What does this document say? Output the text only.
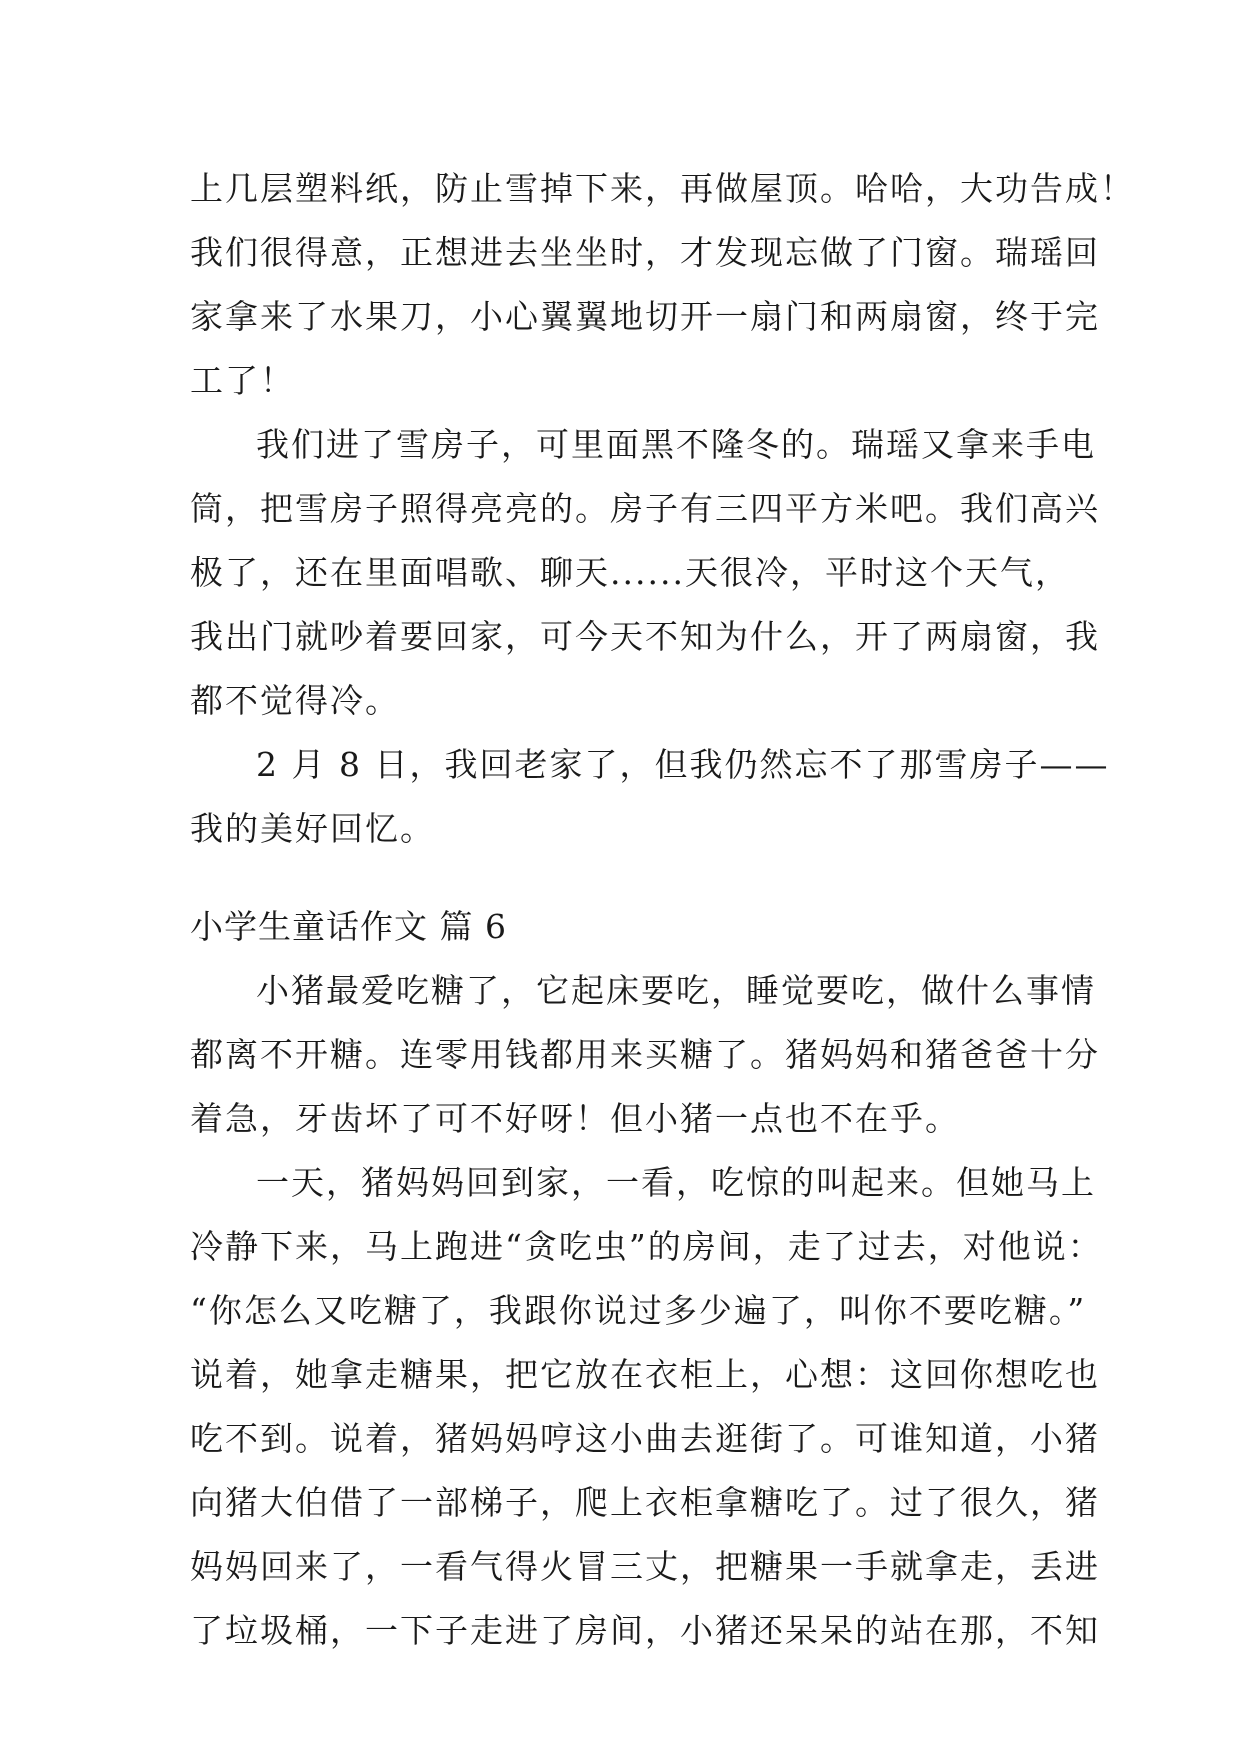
上几层塑料纸，防止雪掉下来，再做屋顶。哈哈，大功告成！
我们很得意，正想进去坐坐时，才发现忘做了门窗。瑞瑶回
家拿来了水果刀，小心翼翼地切开一扇门和两扇窗，终于完
工了！
我们进了雪房子，可里面黑不隆冬的。瑞瑶又拿来手电
筒，把雪房子照得亮亮的。房子有三四平方米吧。我们高兴
极了，还在里面唱歌、聊天......天很冷，平时这个天气，
我出门就吵着要回家，可今天不知为什么，开了两扇窗，我
都不觉得冷。
2 月 8 日，我回老家了，但我仍然忘不了那雪房子——
我的美好回忆。
小学生童话作文 篇 6
小猪最爱吃糖了，它起床要吃，睡觉要吃，做什么事情
都离不开糖。连零用钱都用来买糖了。猪妈妈和猪爸爸十分
着急，牙齿坏了可不好呀！但小猪一点也不在乎。
一天，猪妈妈回到家，一看，吃惊的叫起来。但她马上
冷静下来，马上跑进“贪吃虫”的房间，走了过去，对他说：
“你怎么又吃糖了，我跟你说过多少遍了，叫你不要吃糖。”
说着，她拿走糖果，把它放在衣柜上，心想：这回你想吃也
吃不到。说着，猪妈妈哼这小曲去逛街了。可谁知道，小猪
向猪大伯借了一部梯子，爬上衣柜拿糖吃了。过了很久，猪
妈妈回来了，一看气得火冒三丈，把糖果一手就拿走，丢进
了垃圾桶，一下子走进了房间，小猪还呆呆的站在那，不知
